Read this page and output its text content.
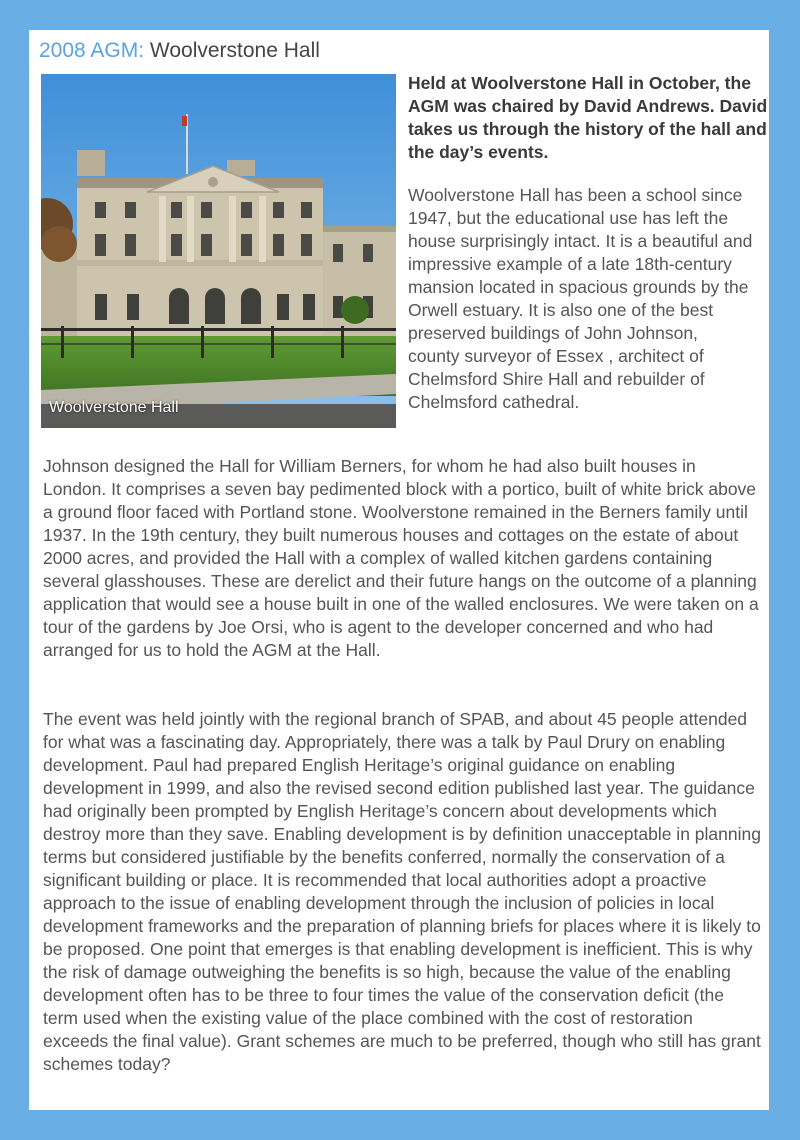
2008 AGM: Woolverstone Hall
Woolverstone Hall

Held at Woolverstone Hall in October, the AGM was chaired by David Andrews. David takes us through the history of the hall and the day’s events.

Woolverstone Hall has been a school since 1947, but the educational use has left the house surprisingly intact. It is a beautiful and impressive example of a late 18th-century mansion located in spacious grounds by the Orwell estuary. It is also one of the best preserved buildings of John Johnson, county surveyor of Essex , architect of Chelmsford Shire Hall and rebuilder of Chelmsford cathedral.

Johnson designed the Hall for William Berners, for whom he had also built houses in London. It comprises a seven bay pedimented block with a portico, built of white brick above a ground floor faced with Portland stone. Woolverstone remained in the Berners family until 1937. In the 19th century, they built numerous houses and cottages on the estate of about 2000 acres, and provided the Hall with a complex of walled kitchen gardens containing several glasshouses. These are derelict and their future hangs on the outcome of a planning application that would see a house built in one of the walled enclosures. We were taken on a tour of the gardens by Joe Orsi, who is agent to the developer concerned and who had arranged for us to hold the AGM at the Hall.

The event was held jointly with the regional branch of SPAB, and about 45 people attended for what was a fascinating day. Appropriately, there was a talk by Paul Drury on enabling development. Paul had prepared English Heritage’s original guidance on enabling development in 1999, and also the revised second edition published last year. The guidance had originally been prompted by English Heritage’s concern about developments which destroy more than they save. Enabling development is by definition unacceptable in planning terms but considered justifiable by the benefits conferred, normally the conservation of a significant building or place. It is recommended that local authorities adopt a proactive approach to the issue of enabling development through the inclusion of policies in local development frameworks and the preparation of planning briefs for places where it is likely to be proposed. One point that emerges is that enabling development is inefficient. This is why the risk of damage outweighing the benefits is so high, because the value of the enabling development often has to be three to four times the value of the conservation deficit (the term used when the existing value of the place combined with the cost of restoration exceeds the final value). Grant schemes are much to be preferred, though who still has grant schemes today?
